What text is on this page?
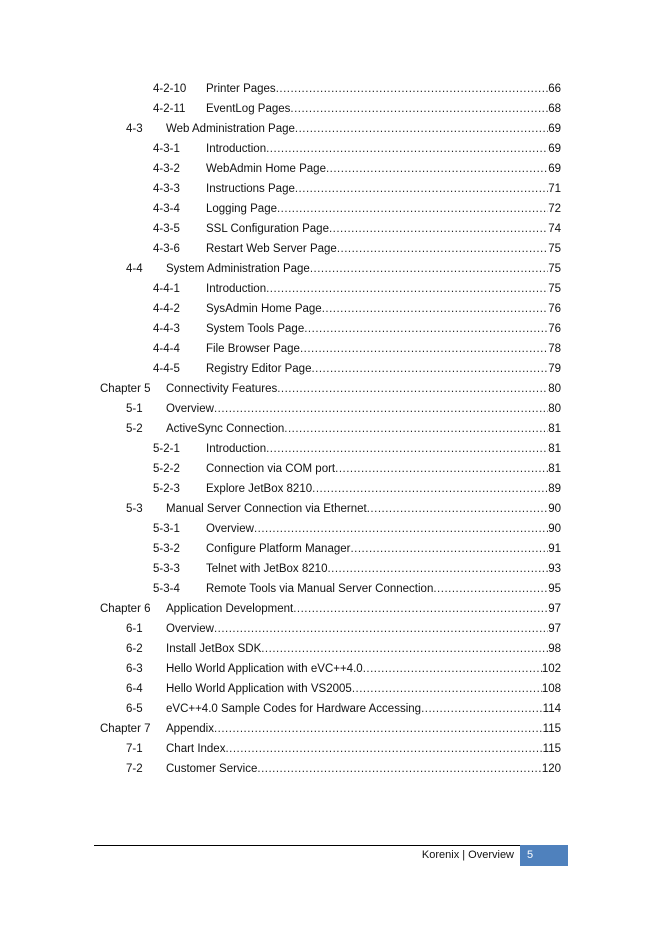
4-2-10 Printer Pages .....	66
4-2-11 EventLog Pages .....	68
4-3 Web Administration Page .....	69
4-3-1 Introduction .....	69
4-3-2 WebAdmin Home Page .....	69
4-3-3 Instructions Page .....	71
4-3-4 Logging Page .....	72
4-3-5 SSL Configuration Page .....	74
4-3-6 Restart Web Server Page .....	75
4-4 System Administration Page .....	75
4-4-1 Introduction .....	75
4-4-2 SysAdmin Home Page .....	76
4-4-3 System Tools Page .....	76
4-4-4 File Browser Page .....	78
4-4-5 Registry Editor Page .....	79
Chapter 5 Connectivity Features .....	80
5-1 Overview .....	80
5-2 ActiveSync Connection .....	81
5-2-1 Introduction .....	81
5-2-2 Connection via COM port .....	81
5-2-3 Explore JetBox 8210 .....	89
5-3 Manual Server Connection via Ethernet .....	90
5-3-1 Overview .....	90
5-3-2 Configure Platform Manager .....	91
5-3-3 Telnet with JetBox 8210 .....	93
5-3-4 Remote Tools via Manual Server Connection .....	95
Chapter 6 Application Development .....	97
6-1 Overview .....	97
6-2 Install JetBox SDK .....	98
6-3 Hello World Application with eVC++4.0 .....	102
6-4 Hello World Application with VS2005 .....	108
6-5 eVC++4.0 Sample Codes for Hardware Accessing .....	114
Chapter 7 Appendix .....	115
7-1 Chart Index .....	115
7-2 Customer Service .....	120
Korenix | Overview	5
